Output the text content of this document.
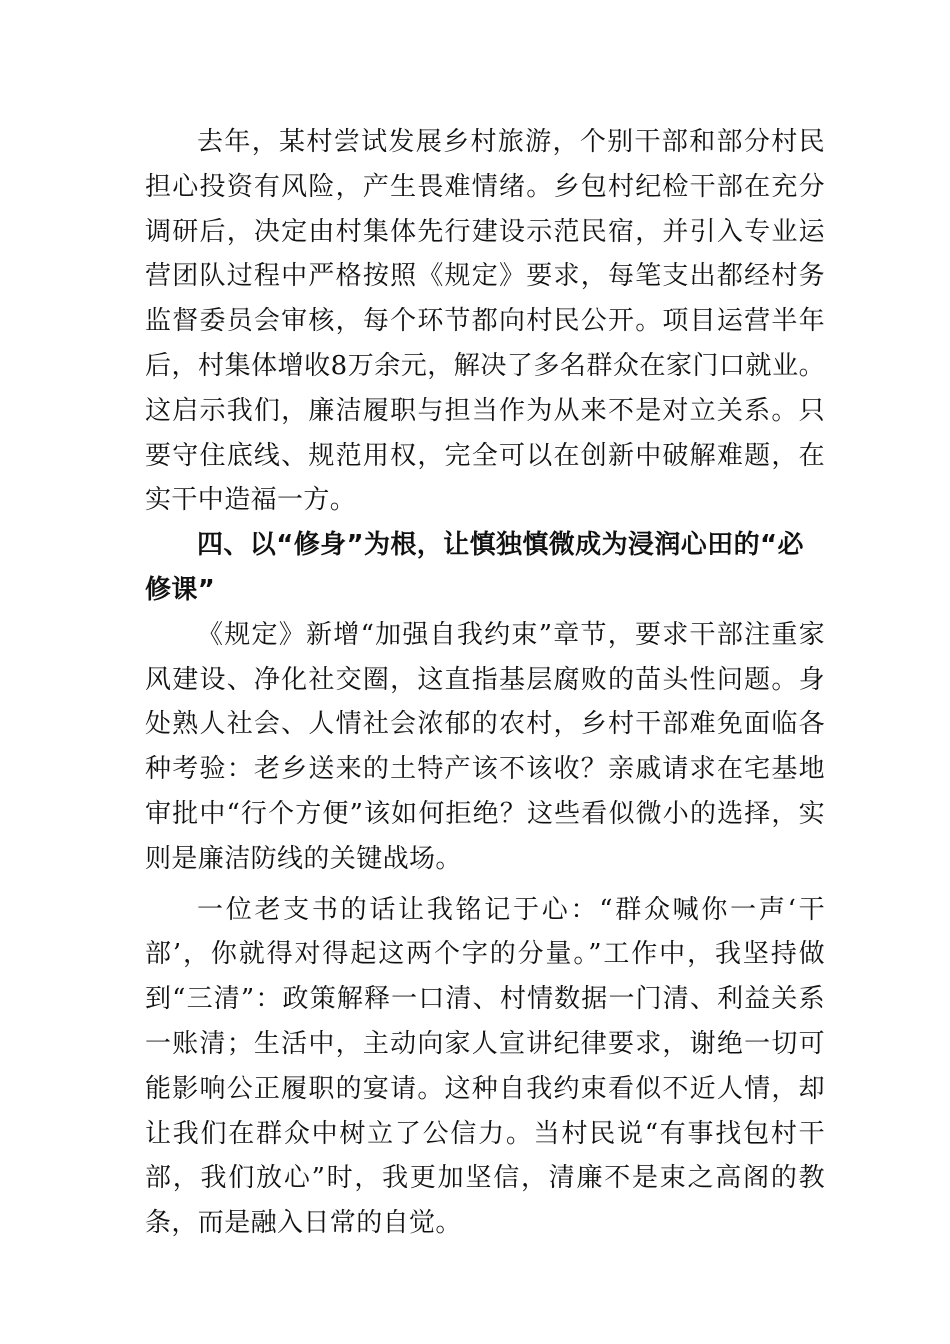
去年，某村尝试发展乡村旅游，个别干部和部分村民担心投资有风险，产生畏难情绪。乡包村纪检干部在充分调研后，决定由村集体先行建设示范民宿，并引入专业运营团队过程中严格按照《规定》要求，每笔支出都经村务监督委员会审核，每个环节都向村民公开。项目运营半年后，村集体增收8万余元，解决了多名群众在家门口就业。这启示我们，廉洁履职与担当作为从来不是对立关系。只要守住底线、规范用权，完全可以在创新中破解难题，在实干中造福一方。

四、以“修身”为根，让慎独慎微成为浸润心田的“必修课”

《规定》新增“加强自我约束”章节，要求干部注重家风建设、净化社交圈，这直指基层腐败的苗头性问题。身处熟人社会、人情社会浓郁的农村，乡村干部难免面临各种考验：老乡送来的土特产该不该收？亲戚请求在宅基地审批中“行个方便”该如何拒绝？这些看似微小的选择，实则是廉洁防线的关键战场。

一位老支书的话让我铭记于心：“群众喊你一声‘干部’，你就得对得起这两个字的分量。”工作中，我坚持做到“三清”：政策解释一口清、村情数据一门清、利益关系一账清；生活中，主动向家人宣讲纪律要求，谢绝一切可能影响公正履职的宴请。这种自我约束看似不近人情，却让我们在群众中树立了公信力。当村民说“有事找包村干部，我们放心”时，我更加坚信，清廉不是束之高阁的教条，而是融入日常的自觉。
